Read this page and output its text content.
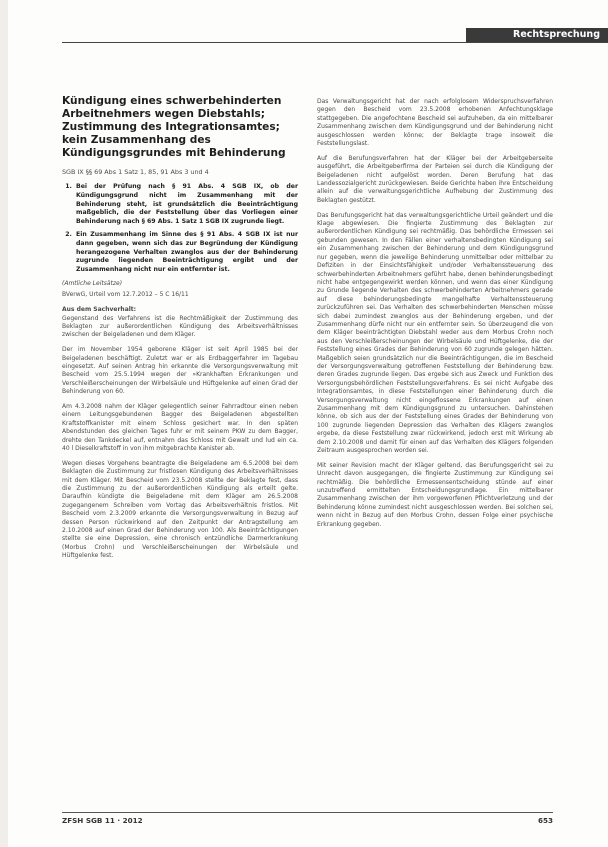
Rechtsprechung
Kündigung eines schwerbehinderten Arbeitnehmers wegen Diebstahls; Zustimmung des Integrationsamtes; kein Zusammenhang des Kündigungsgrundes mit Behinderung

SGB IX §§ 69 Abs 1 Satz 1, 85, 91 Abs 3 und 4

1. Bei der Prüfung nach § 91 Abs. 4 SGB IX, ob der Kündigungsgrund nicht im Zusammenhang mit der Behinderung steht, ist grundsätzlich die Beeinträchtigung maßgeblich, die der Feststellung über das Vorliegen einer Behinderung nach § 69 Abs. 1 Satz 1 SGB IX zugrunde liegt.
2. Ein Zusammenhang im Sinne des § 91 Abs. 4 SGB IX ist nur dann gegeben, wenn sich das zur Begründung der Kündigung herangezogene Verhalten zwanglos aus der der Behinderung zugrunde liegenden Beeinträchtigung ergibt und der Zusammenhang nicht nur ein entfernter ist.

(Amtliche Leitsätze)

BVerwG, Urteil vom 12.7.2012 – 5 C 16/11

Aus dem Sachverhalt:

Gegenstand des Verfahrens ist die Rechtmäßigkeit der Zustimmung des Beklagten zur außerordentlichen Kündigung des Arbeitsverhältnisses zwischen der Beigeladenen und dem Kläger.

Der im November 1954 geborene Kläger ist seit April 1985 bei der Beigeladenen beschäftigt. Zuletzt war er als Erdbaggerfahrer im Tagebau eingesetzt. Auf seinen Antrag hin erkannte die Versorgungsverwaltung mit Bescheid vom 25.5.1994 wegen der »Krankhaften Erkrankungen und Verschleißerscheinungen der Wirbelsäule und Hüftgelenke auf einen Grad der Behinderung von 60.

Am 4.3.2008 nahm der Kläger gelegentlich seiner Fahrradtour einen neben einem Leitungsgebundenen Bagger des Beigeladenen abgestellten Kraftstoffkanister mit einem Schloss gesichert war. In den späten Abendstunden des gleichen Tages fuhr er mit seinem PKW zu dem Bagger, drehte den Tankdeckel auf, entnahm das Schloss mit Gewalt und lud ein ca. 40 l Dieselkraftstoff in von ihm mitgebrachte Kanister ab.

Wegen dieses Vorgehens beantragte die Beigeladene am 6.5.2008 bei dem Beklagten die Zustimmung zur fristlosen Kündigung des Arbeitsverhältnisses mit dem Kläger. Mit Bescheid vom 23.5.2008 stellte der Beklagte fest, dass die Zustimmung zu der außerordentlichen Kündigung als erteilt gelte. Daraufhin kündigte die Beigeladene mit dem Kläger am 26.5.2008 zugegangenem Schreiben vom Vortag das Arbeitsverhältnis fristlos. Mit Bescheid vom 2.3.2009 erkannte die Versorgungsverwaltung in Bezug auf dessen Person rückwirkend auf den Zeitpunkt der Antragstellung am 2.10.2008 auf einen Grad der Behinderung von 100. Als Beeinträchtigungen stellte sie eine Depression, eine chronisch entzündliche Darmerkrankung (Morbus Crohn) und Verschleißerscheinungen der Wirbelsäule und Hüftgelenke fest.

Das Verwaltungsgericht hat der nach erfolglosem Widerspruchsverfahren gegen den Bescheid vom 23.5.2008 erhobenen Anfechtungsklage stattgegeben. Die angefochtene Bescheid sei aufzuheben, da ein mittelbarer Zusammenhang zwischen dem Kündigungsgrund und der Behinderung nicht ausgeschlossen werden könne; der Beklagte trage insoweit die Feststellungslast.

Auf die Berufungsverfahren hat der Kläger bei der Arbeitgeberseite ausgeführt, die Arbeitgeberfirma der Parteien sei durch die Kündigung der Beigeladenen nicht aufgelöst worden. Deren Berufung hat das Landessozialgericht zurückgewiesen. Beide Gerichte haben ihre Entscheidung allein auf die verwaltungsgerichtliche Aufhebung der Zustimmung des Beklagten gestützt.

Das Berufungsgericht hat das verwaltungsgerichtliche Urteil geändert und die Klage abgewiesen. Die fingierte Zustimmung des Beklagten zur außerordentlichen Kündigung sei rechtmäßig. Das behördliche Ermessen sei gebunden gewesen. In den Fällen einer verhaltensbedingten Kündigung sei ein Zusammenhang zwischen der Behinderung und dem Kündigungsgrund nur gegeben, wenn die jeweilige Behinderung unmittelbar oder mittelbar zu Defiziten in der Einsichtsfähigkeit und/oder Verhaltenssteuerung des schwerbehinderten Arbeitnehmers geführt habe, denen behinderungsbedingt nicht habe entgegengewirkt werden können, und wenn das einer Kündigung zu Grunde liegende Verhalten des schwerbehinderten Arbeitnehmers gerade auf diese behinderungsbedingte mangelhafte Verhaltenssteuerung zurückzuführen sei. Das Verhalten des schwerbehinderten Menschen müsse sich dabei zumindest zwanglos aus der Behinderung ergeben, und der Zusammenhang dürfe nicht nur ein entfernter sein. So überzeugend die von dem Kläger beeinträchtigten Diebstahl weder aus dem Morbus Crohn noch aus den Verschleißerscheinungen der Wirbelsäule und Hüftgelenke, die der Feststellung eines Grades der Behinderung von 60 zugrunde gelegen hätten. Maßgeblich seien grundsätzlich nur die Beeinträchtigungen, die im Bescheid der Versorgungsverwaltung getroffenen Feststellung der Behinderung bzw. deren Grades zugrunde liegen. Das ergebe sich aus Zweck und Funktion des Versorgungsbehördlichen Feststellungsverfahrens. Es sei nicht Aufgabe des Integrationsamtes, in diese Feststellungen einer Behinderung durch die Versorgungsverwaltung nicht eingeflossene Erkrankungen auf einen Zusammenhang mit dem Kündigungsgrund zu untersuchen. Dahinstehen könne, ob sich aus der der Feststellung eines Grades der Behinderung von 100 zugrunde liegenden Depression das Verhalten des Klägers zwanglos ergebe, da diese Feststellung zwar rückwirkend, jedoch erst mit Wirkung ab dem 2.10.2008 und damit für einen auf das Verhalten des Klägers folgenden Zeitraum ausgesprochen worden sei.

Mit seiner Revision macht der Kläger geltend, das Berufungsgericht sei zu Unrecht davon ausgegangen, die fingierte Zustimmung zur Kündigung sei rechtmäßig. Die behördliche Ermessensentscheidung stünde auf einer unzutreffend ermittelten Entscheidungsgrundlage. Ein mittelbarer Zusammenhang zwischen der ihm vorgeworfenen Pflichtverletzung und der Behinderung könne zumindest nicht ausgeschlossen werden. Bei solchen sei, wenn nicht in Bezug auf den Morbus Crohn, dessen Folge einer psychische Erkrankung gegeben.

ZFSH SGB 11 · 2012	653
